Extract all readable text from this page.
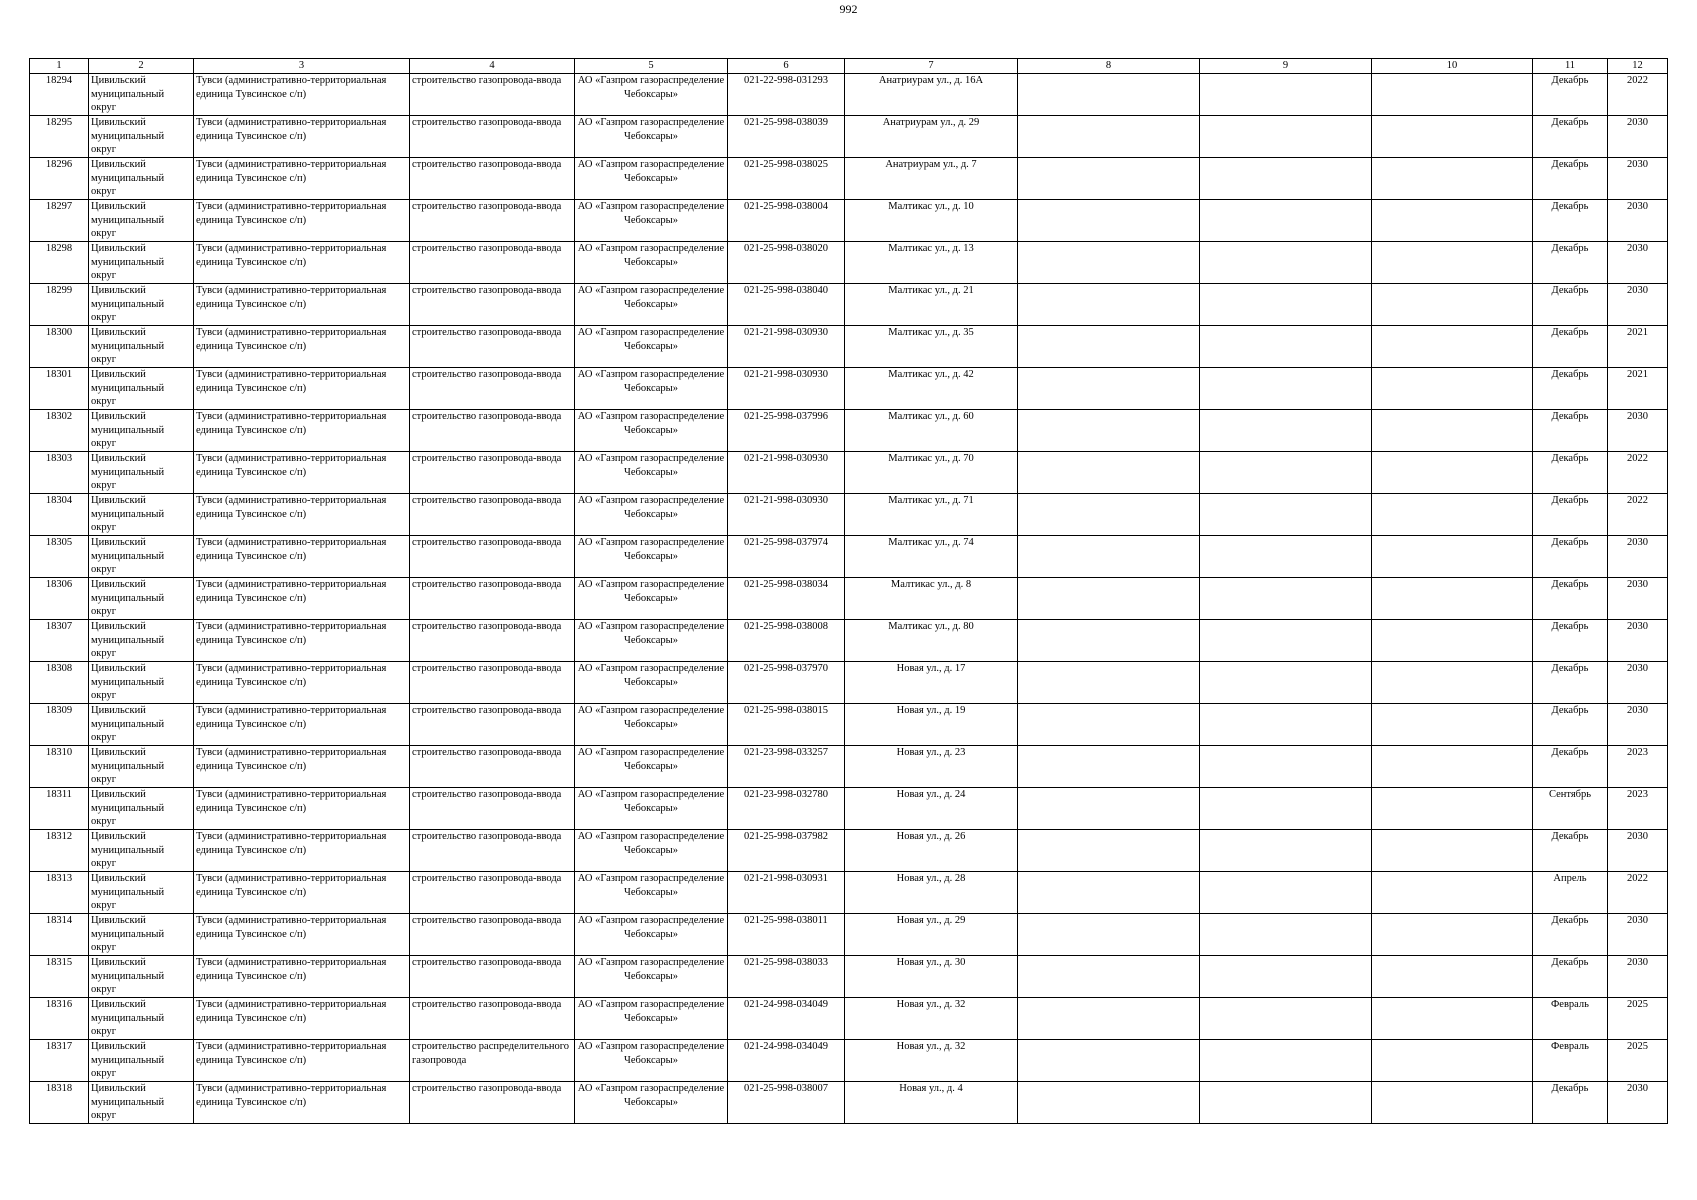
992
1	2	3	4	5	6	7	8	9	10	11	12

18294	Цивильский муниципальный округ	Тувси (административно-территориальная единица Тувсинское с/п)	строительство газопровода-ввода	АО «Газпром газораспределение Чебоксары»	021-22-998-031293	Анатриурам ул., д. 16А				Декабрь	2022

18295	Цивильский муниципальный округ	Тувси (административно-территориальная единица Тувсинское с/п)	строительство газопровода-ввода	АО «Газпром газораспределение Чебоксары»	021-25-998-038039	Анатриурам ул., д. 29				Декабрь	2030

18296	Цивильский муниципальный округ	Тувси (административно-территориальная единица Тувсинское с/п)	строительство газопровода-ввода	АО «Газпром газораспределение Чебоксары»	021-25-998-038025	Анатриурам ул., д. 7				Декабрь	2030

18297	Цивильский муниципальный округ	Тувси (административно-территориальная единица Тувсинское с/п)	строительство газопровода-ввода	АО «Газпром газораспределение Чебоксары»	021-25-998-038004	Малтикас ул., д. 10				Декабрь	2030

18298	Цивильский муниципальный округ	Тувси (административно-территориальная единица Тувсинское с/п)	строительство газопровода-ввода	АО «Газпром газораспределение Чебоксары»	021-25-998-038020	Малтикас ул., д. 13				Декабрь	2030

18299	Цивильский муниципальный округ	Тувси (административно-территориальная единица Тувсинское с/п)	строительство газопровода-ввода	АО «Газпром газораспределение Чебоксары»	021-25-998-038040	Малтикас ул., д. 21				Декабрь	2030

18300	Цивильский муниципальный округ	Тувси (административно-территориальная единица Тувсинское с/п)	строительство газопровода-ввода	АО «Газпром газораспределение Чебоксары»	021-21-998-030930	Малтикас ул., д. 35				Декабрь	2021

18301	Цивильский муниципальный округ	Тувси (административно-территориальная единица Тувсинское с/п)	строительство газопровода-ввода	АО «Газпром газораспределение Чебоксары»	021-21-998-030930	Малтикас ул., д. 42				Декабрь	2021

18302	Цивильский муниципальный округ	Тувси (административно-территориальная единица Тувсинское с/п)	строительство газопровода-ввода	АО «Газпром газораспределение Чебоксары»	021-25-998-037996	Малтикас ул., д. 60				Декабрь	2030

18303	Цивильский муниципальный округ	Тувси (административно-территориальная единица Тувсинское с/п)	строительство газопровода-ввода	АО «Газпром газораспределение Чебоксары»	021-21-998-030930	Малтикас ул., д. 70				Декабрь	2022

18304	Цивильский муниципальный округ	Тувси (административно-территориальная единица Тувсинское с/п)	строительство газопровода-ввода	АО «Газпром газораспределение Чебоксары»	021-21-998-030930	Малтикас ул., д. 71				Декабрь	2022

18305	Цивильский муниципальный округ	Тувси (административно-территориальная единица Тувсинское с/п)	строительство газопровода-ввода	АО «Газпром газораспределение Чебоксары»	021-25-998-037974	Малтикас ул., д. 74				Декабрь	2030

18306	Цивильский муниципальный округ	Тувси (административно-территориальная единица Тувсинское с/п)	строительство газопровода-ввода	АО «Газпром газораспределение Чебоксары»	021-25-998-038034	Малтикас ул., д. 8				Декабрь	2030

18307	Цивильский муниципальный округ	Тувси (административно-территориальная единица Тувсинское с/п)	строительство газопровода-ввода	АО «Газпром газораспределение Чебоксары»	021-25-998-038008	Малтикас ул., д. 80				Декабрь	2030

18308	Цивильский муниципальный округ	Тувси (административно-территориальная единица Тувсинское с/п)	строительство газопровода-ввода	АО «Газпром газораспределение Чебоксары»	021-25-998-037970	Новая ул., д. 17				Декабрь	2030

18309	Цивильский муниципальный округ	Тувси (административно-территориальная единица Тувсинское с/п)	строительство газопровода-ввода	АО «Газпром газораспределение Чебоксары»	021-25-998-038015	Новая ул., д. 19				Декабрь	2030

18310	Цивильский муниципальный округ	Тувси (административно-территориальная единица Тувсинское с/п)	строительство газопровода-ввода	АО «Газпром газораспределение Чебоксары»	021-23-998-033257	Новая ул., д. 23				Декабрь	2023

18311	Цивильский муниципальный округ	Тувси (административно-территориальная единица Тувсинское с/п)	строительство газопровода-ввода	АО «Газпром газораспределение Чебоксары»	021-23-998-032780	Новая ул., д. 24				Сентябрь	2023

18312	Цивильский муниципальный округ	Тувси (административно-территориальная единица Тувсинское с/п)	строительство газопровода-ввода	АО «Газпром газораспределение Чебоксары»	021-25-998-037982	Новая ул., д. 26				Декабрь	2030

18313	Цивильский муниципальный округ	Тувси (административно-территориальная единица Тувсинское с/п)	строительство газопровода-ввода	АО «Газпром газораспределение Чебоксары»	021-21-998-030931	Новая ул., д. 28				Апрель	2022

18314	Цивильский муниципальный округ	Тувси (административно-территориальная единица Тувсинское с/п)	строительство газопровода-ввода	АО «Газпром газораспределение Чебоксары»	021-25-998-038011	Новая ул., д. 29				Декабрь	2030

18315	Цивильский муниципальный округ	Тувси (административно-территориальная единица Тувсинское с/п)	строительство газопровода-ввода	АО «Газпром газораспределение Чебоксары»	021-25-998-038033	Новая ул., д. 30				Декабрь	2030

18316	Цивильский муниципальный округ	Тувси (административно-территориальная единица Тувсинское с/п)	строительство газопровода-ввода	АО «Газпром газораспределение Чебоксары»	021-24-998-034049	Новая ул., д. 32				Февраль	2025

18317	Цивильский муниципальный округ	Тувси (административно-территориальная единица Тувсинское с/п)	строительство распределительного газопровода	АО «Газпром газораспределение Чебоксары»	021-24-998-034049	Новая ул., д. 32				Февраль	2025

18318	Цивильский муниципальный округ	Тувси (административно-территориальная единица Тувсинское с/п)	строительство газопровода-ввода	АО «Газпром газораспределение Чебоксары»	021-25-998-038007	Новая ул., д. 4				Декабрь	2030
